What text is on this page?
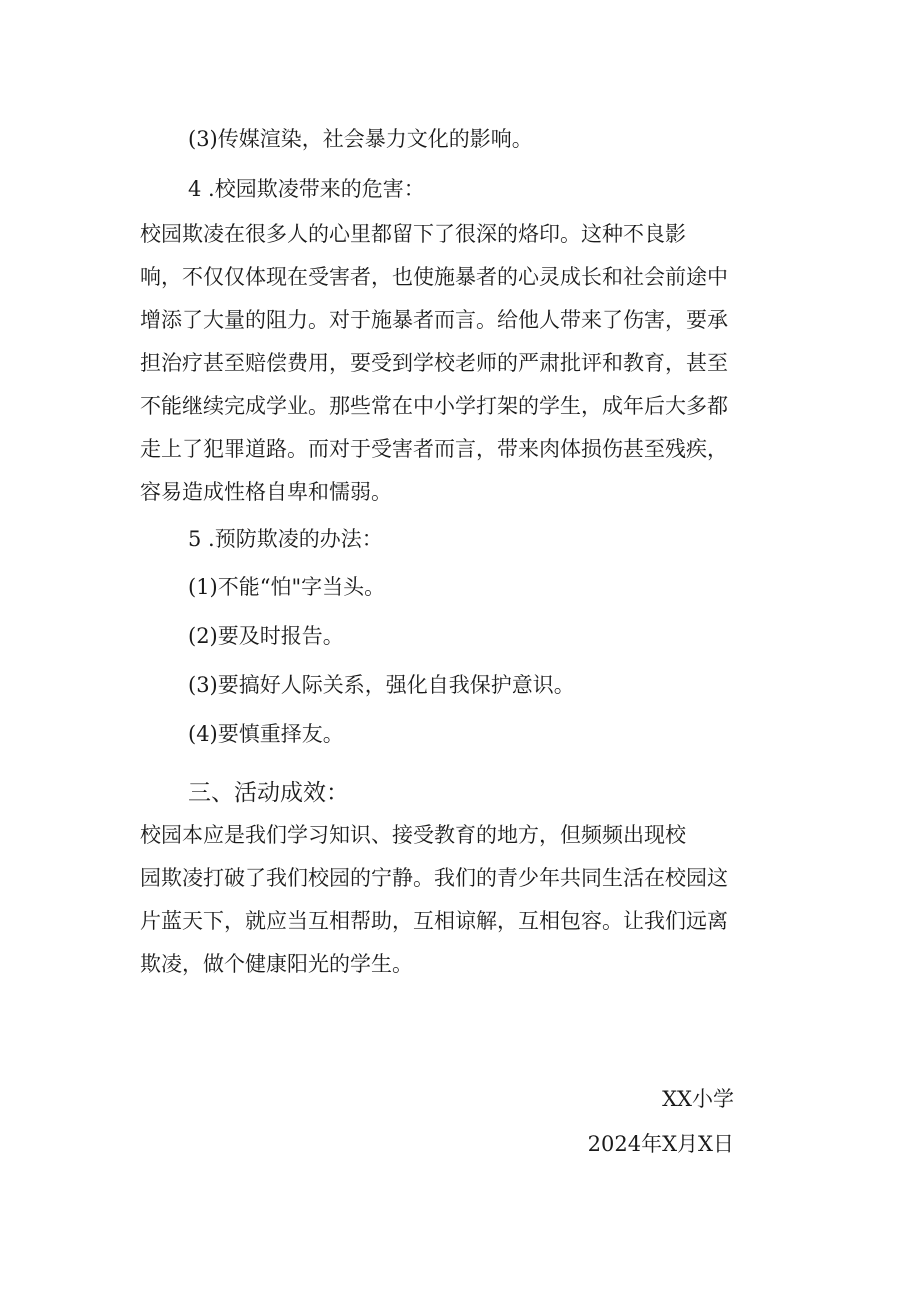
(3)传媒渲染，社会暴力文化的影响。
4 .校园欺凌带来的危害：
校园欺凌在很多人的心里都留下了很深的烙印。这种不良影
响，不仅仅体现在受害者，也使施暴者的心灵成长和社会前途中
增添了大量的阻力。对于施暴者而言。给他人带来了伤害，要承
担治疗甚至赔偿费用，要受到学校老师的严肃批评和教育，甚至
不能继续完成学业。那些常在中小学打架的学生，成年后大多都
走上了犯罪道路。而对于受害者而言，带来肉体损伤甚至残疾，
容易造成性格自卑和懦弱。
5 .预防欺凌的办法：
(1)不能“怕"字当头。
(2)要及时报告。
(3)要搞好人际关系，强化自我保护意识。
(4)要慎重择友。
三、活动成效：
校园本应是我们学习知识、接受教育的地方，但频频出现校
园欺凌打破了我们校园的宁静。我们的青少年共同生活在校园这
片蓝天下，就应当互相帮助，互相谅解，互相包容。让我们远离
欺凌，做个健康阳光的学生。
XX小学
2024年X月X日
